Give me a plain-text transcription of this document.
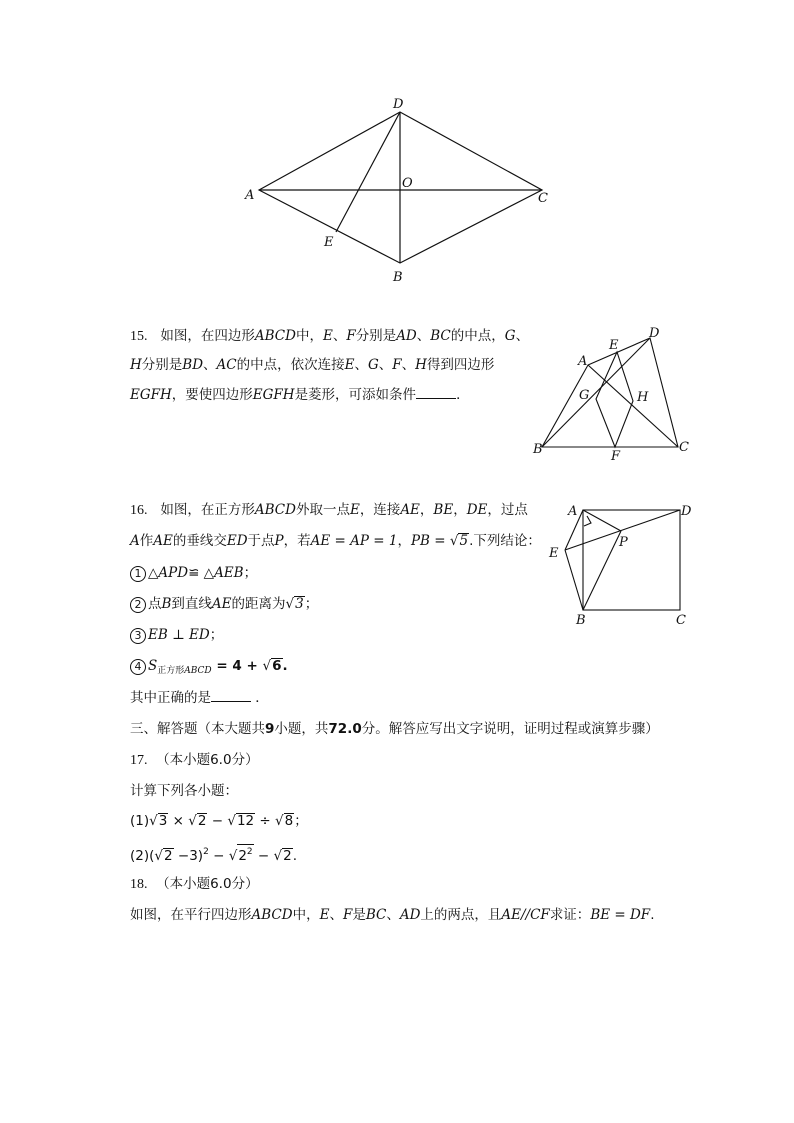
A
D
C
B
O
E
15. 如图，在四边形ABCD中，E、F分别是AD、BC的中点，G、
H分别是BD、AC的中点，依次连接E、G、F、H得到四边形
EGFH，要使四边形EGFH是菱形，可添如条件	．
A
E
D
G	H
B	F
C
16. 如图，在正方形ABCD外取一点E，连接AE，BE，DE，过点
A作AE的垂线交ED于点P，若AE = AP = 1，PB = √5.下列结论：
1 △APD≌ △AEB；
2 点B到直线AE的距离为√3；
3 EB ⊥ ED；
4 $S_{正方形ABCD} = 4 + √6$.
其中正确的是	．
A	D
E
P
B	C
三、解答题（本大题共9小题，共72.0分。解答应写出文字说明，证明过程或演算步骤）
17. （本小题6.0分）
计算下列各小题：
(1)√3 × √2 − √12 ÷ √8；
$(2)(√2 -3)^2 - √2^2 - √2$.
18. （本小题6.0分）
如图，在平行四边形ABCD中，E、F是BC、AD上的两点，且AE//CF求证：BE = DF.
